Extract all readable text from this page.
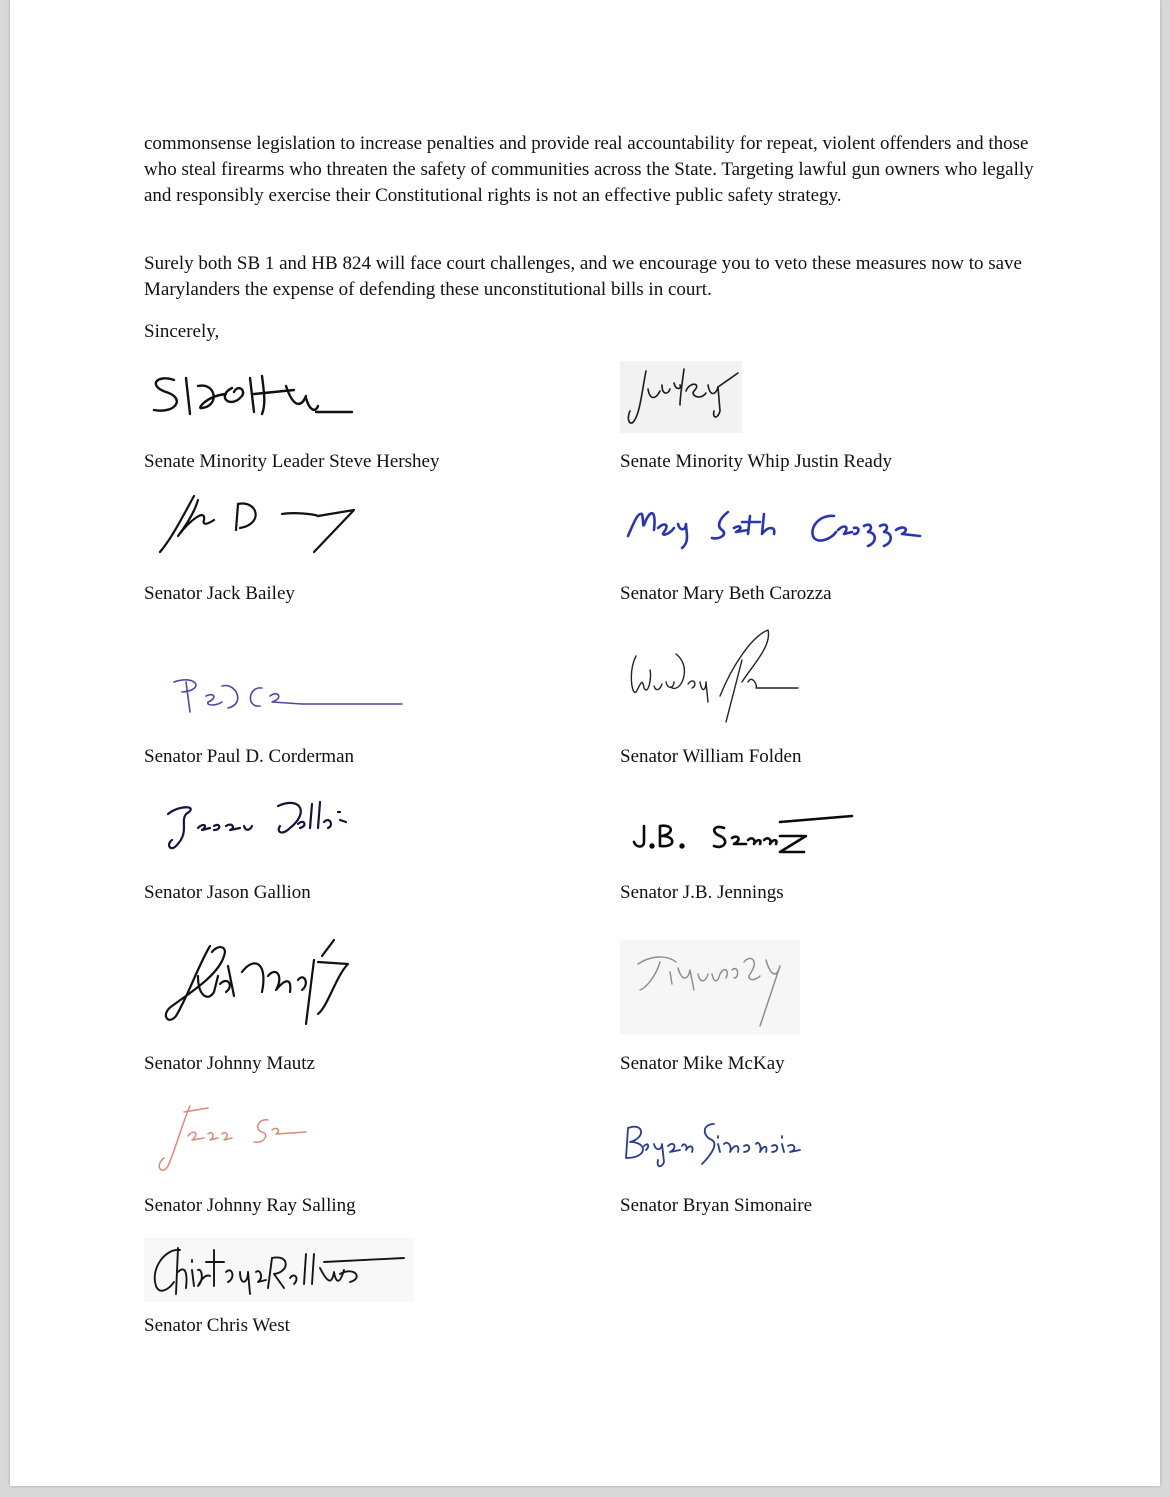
commonsense legislation to increase penalties and provide real accountability for repeat, violent offenders and those who steal firearms who threaten the safety of communities across the State. Targeting lawful gun owners who legally and responsibly exercise their Constitutional rights is not an effective public safety strategy.

Surely both SB 1 and HB 824 will face court challenges, and we encourage you to veto these measures now to save Marylanders the expense of defending these unconstitutional bills in court.

Sincerely,

Senate Minority Leader Steve Hershey	Senate Minority Whip Justin Ready
Senator Jack Bailey	Senator Mary Beth Carozza
Senator Paul D. Corderman	Senator William Folden
Senator Jason Gallion	Senator J.B. Jennings
Senator Johnny Mautz	Senator Mike McKay
Senator Johnny Ray Salling	Senator Bryan Simonaire
Senator Chris West
